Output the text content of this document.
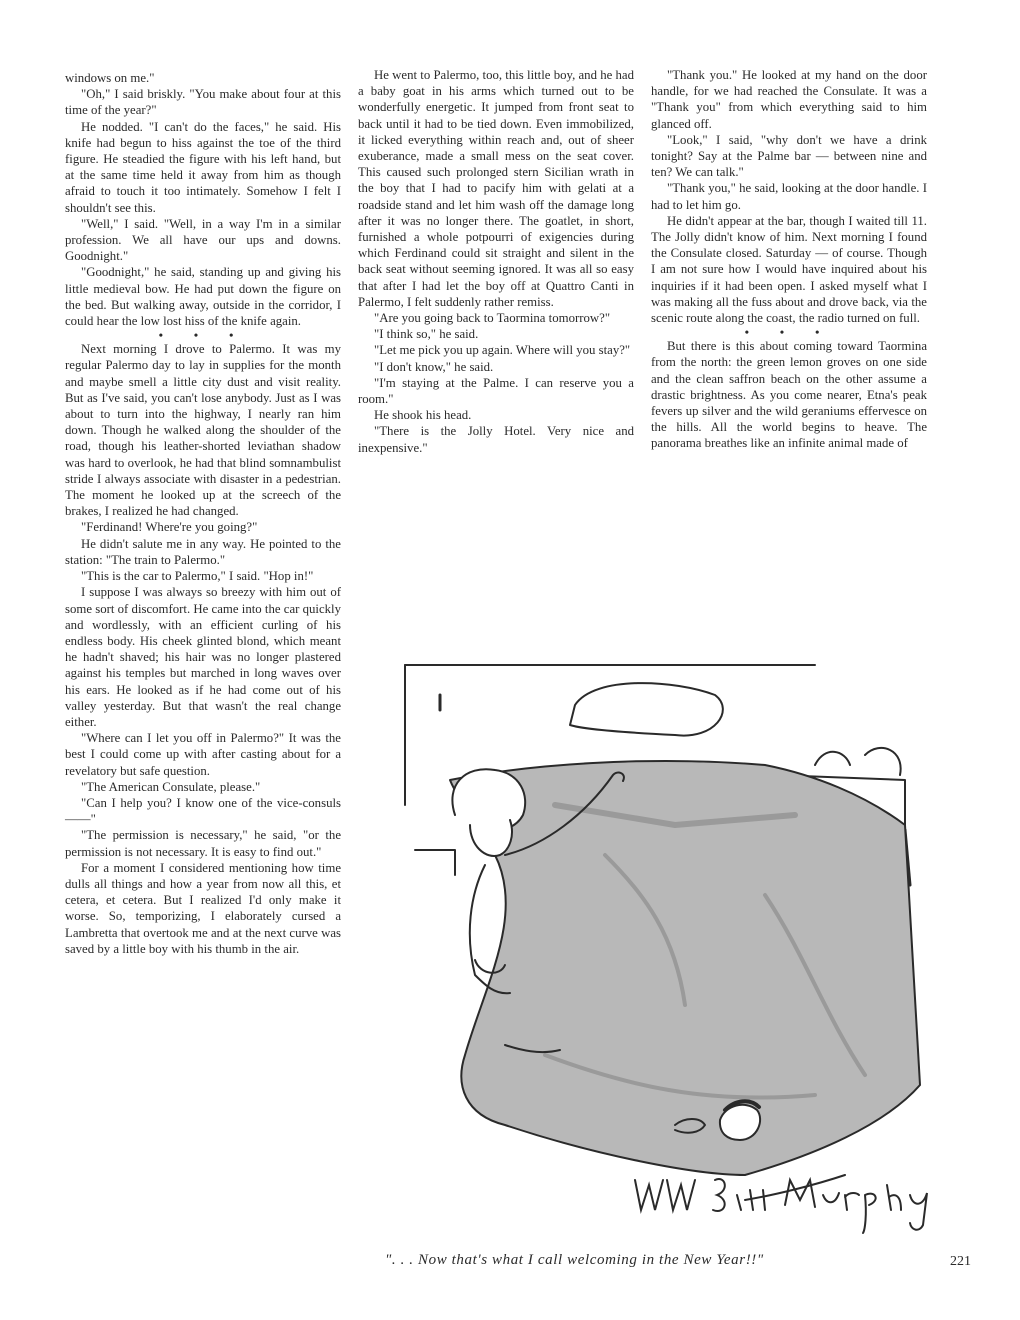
windows on me."

"Oh," I said briskly. "You make about four at this time of the year?"

He nodded. "I can't do the faces," he said. His knife had begun to hiss against the toe of the third figure. He steadied the figure with his left hand, but at the same time held it away from him as though afraid to touch it too intimately. Somehow I felt I shouldn't see this.

"Well," I said. "Well, in a way I'm in a similar profession. We all have our ups and downs. Goodnight."

"Goodnight," he said, standing up and giving his little medieval bow. He had put down the figure on the bed. But walking away, outside in the corridor, I could hear the low lost hiss of the knife again.

• • •

Next morning I drove to Palermo. It was my regular Palermo day to lay in supplies for the month and maybe smell a little city dust and visit reality. But as I've said, you can't lose anybody. Just as I was about to turn into the highway, I nearly ran him down. Though he walked along the shoulder of the road, though his leather-shorted leviathan shadow was hard to overlook, he had that blind somnambulist stride I always associate with disaster in a pedestrian. The moment he looked up at the screech of the brakes, I realized he had changed.

"Ferdinand! Where're you going?"

He didn't salute me in any way. He pointed to the station: "The train to Palermo."

"This is the car to Palermo," I said. "Hop in!"

I suppose I was always so breezy with him out of some sort of discomfort. He came into the car quickly and wordlessly, with an efficient curling of his endless body. His cheek glinted blond, which meant he hadn't shaved; his hair was no longer plastered against his temples but marched in long waves over his ears. He looked as if he had come out of his valley yesterday. But that wasn't the real change either.

"Where can I let you off in Palermo?" It was the best I could come up with after casting about for a revelatory but safe question.

"The American Consulate, please."

"Can I help you? I know one of the vice-consuls ——"

"The permission is necessary," he said, "or the permission is not necessary. It is easy to find out."

For a moment I considered mentioning how time dulls all things and how a year from now all this, et cetera, et cetera. But I realized I'd only make it worse. So, temporizing, I elaborately cursed a Lambretta that overtook me and at the next curve was saved by a little boy with his thumb in the air.

He went to Palermo, too, this little boy, and he had a baby goat in his arms which turned out to be wonderfully energetic. It jumped from front seat to back until it had to be tied down. Even immobilized, it licked everything within reach and, out of sheer exuberance, made a small mess on the seat cover. This caused such prolonged stern Sicilian wrath in the boy that I had to pacify him with gelati at a roadside stand and let him wash off the damage long after it was no longer there. The goatlet, in short, furnished a whole potpourri of exigencies during which Ferdinand could sit straight and silent in the back seat without seeming ignored. It was all so easy that after I had let the boy off at Quattro Canti in Palermo, I felt suddenly rather remiss.

"Are you going back to Taormina tomorrow?"

"I think so," he said.

"Let me pick you up again. Where will you stay?"

"I don't know," he said.

"I'm staying at the Palme. I can reserve you a room."

He shook his head.

"There is the Jolly Hotel. Very nice and inexpensive."

"Thank you." He looked at my hand on the door handle, for we had reached the Consulate. It was a "Thank you" from which everything said to him glanced off.

"Look," I said, "why don't we have a drink tonight? Say at the Palme bar — between nine and ten? We can talk."

"Thank you," he said, looking at the door handle. I had to let him go.

He didn't appear at the bar, though I waited till 11. The Jolly didn't know of him. Next morning I found the Consulate closed. Saturday — of course. Though I am not sure how I would have inquired about his inquiries if it had been open. I asked myself what I was making all the fuss about and drove back, via the scenic route along the coast, the radio turned on full.

• • •

But there is this about coming toward Taormina from the north: the green lemon groves on one side and the clean saffron beach on the other assume a drastic brightness. As you come nearer, Etna's peak fevers up silver and the wild geraniums effervesce on the hills. All the world begins to heave. The panorama breathes like an infinite animal made of

". . . Now that's what I call welcoming in the New Year!!"	221
